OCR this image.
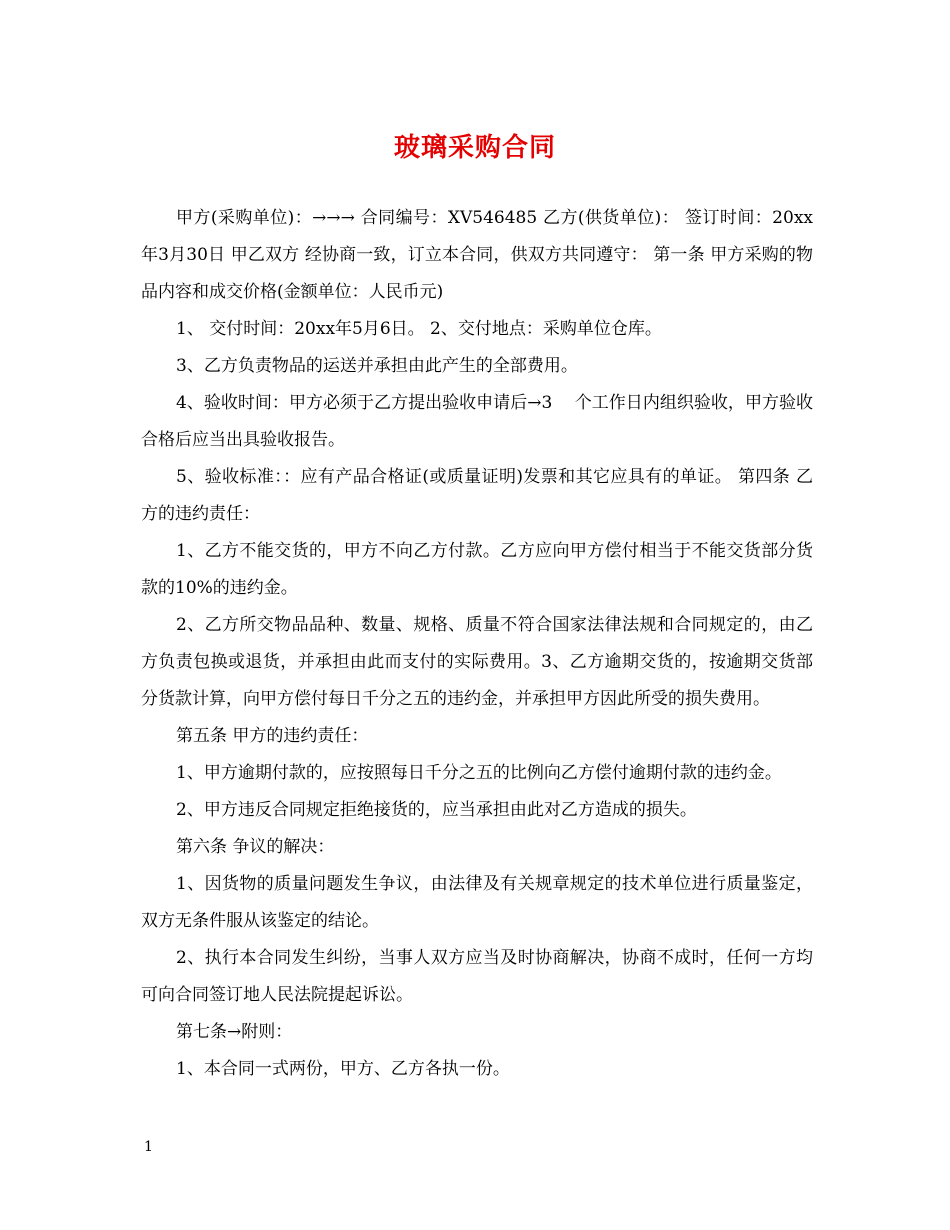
玻璃采购合同

甲方(采购单位)：→→→ 合同编号：XV546485 乙方(供货单位)： 签订时间：20xx年3月30日 甲乙双方 经协商一致，订立本合同，供双方共同遵守： 第一条 甲方采购的物品内容和成交价格(金额单位：人民币元)

1、 交付时间：20xx年5月6日。 2、交付地点：采购单位仓库。

3、乙方负责物品的运送并承担由此产生的全部费用。

4、验收时间：甲方必须于乙方提出验收申请后→3　 个工作日内组织验收，甲方验收合格后应当出具验收报告。

5、验收标准：：应有产品合格证(或质量证明)发票和其它应具有的单证。 第四条 乙方的违约责任：

1、乙方不能交货的，甲方不向乙方付款。乙方应向甲方偿付相当于不能交货部分货款的10%的违约金。

2、乙方所交物品品种、数量、规格、质量不符合国家法律法规和合同规定的，由乙方负责包换或退货，并承担由此而支付的实际费用。3、乙方逾期交货的，按逾期交货部分货款计算，向甲方偿付每日千分之五的违约金，并承担甲方因此所受的损失费用。

第五条 甲方的违约责任：

1、甲方逾期付款的，应按照每日千分之五的比例向乙方偿付逾期付款的违约金。

2、甲方违反合同规定拒绝接货的，应当承担由此对乙方造成的损失。

第六条 争议的解决：

1、因货物的质量问题发生争议，由法律及有关规章规定的技术单位进行质量鉴定，双方无条件服从该鉴定的结论。

2、执行本合同发生纠纷，当事人双方应当及时协商解决，协商不成时，任何一方均可向合同签订地人民法院提起诉讼。

第七条→附则：

1、本合同一式两份，甲方、乙方各执一份。

1
